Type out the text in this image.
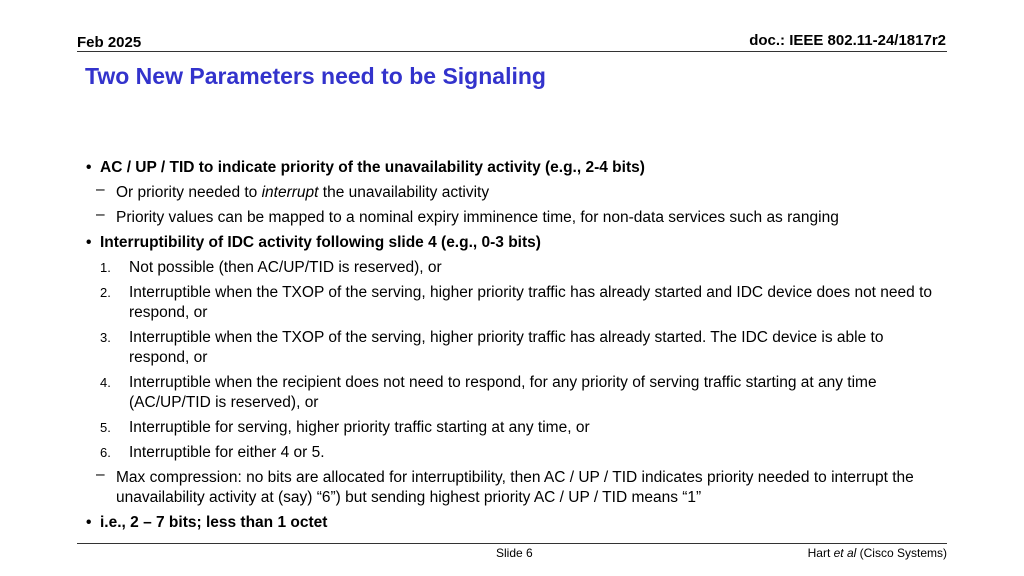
Feb 2025	doc.: IEEE 802.11-24/1817r2
Two New Parameters need to be Signaling
• AC / UP / TID to indicate priority of the unavailability activity (e.g., 2-4 bits)
– Or priority needed to interrupt the unavailability activity
– Priority values can be mapped to a nominal expiry imminence time, for non-data services such as ranging
• Interruptibility of IDC activity following slide 4 (e.g., 0-3 bits)
1. Not possible (then AC/UP/TID is reserved), or
2. Interruptible when the TXOP of the serving, higher priority traffic has already started and IDC device does not need to respond, or
3. Interruptible when the TXOP of the serving, higher priority traffic has already started. The IDC device is able to respond, or
4. Interruptible when the recipient does not need to respond, for any priority of serving traffic starting at any time (AC/UP/TID is reserved), or
5. Interruptible for serving, higher priority traffic starting at any time, or
6. Interruptible for either 4 or 5.
– Max compression: no bits are allocated for interruptibility, then AC / UP / TID indicates priority needed to interrupt the unavailability activity at (say) “6”) but sending highest priority AC / UP / TID means “1”
• i.e., 2 – 7 bits; less than 1 octet
Slide 6	Hart et al (Cisco Systems)
